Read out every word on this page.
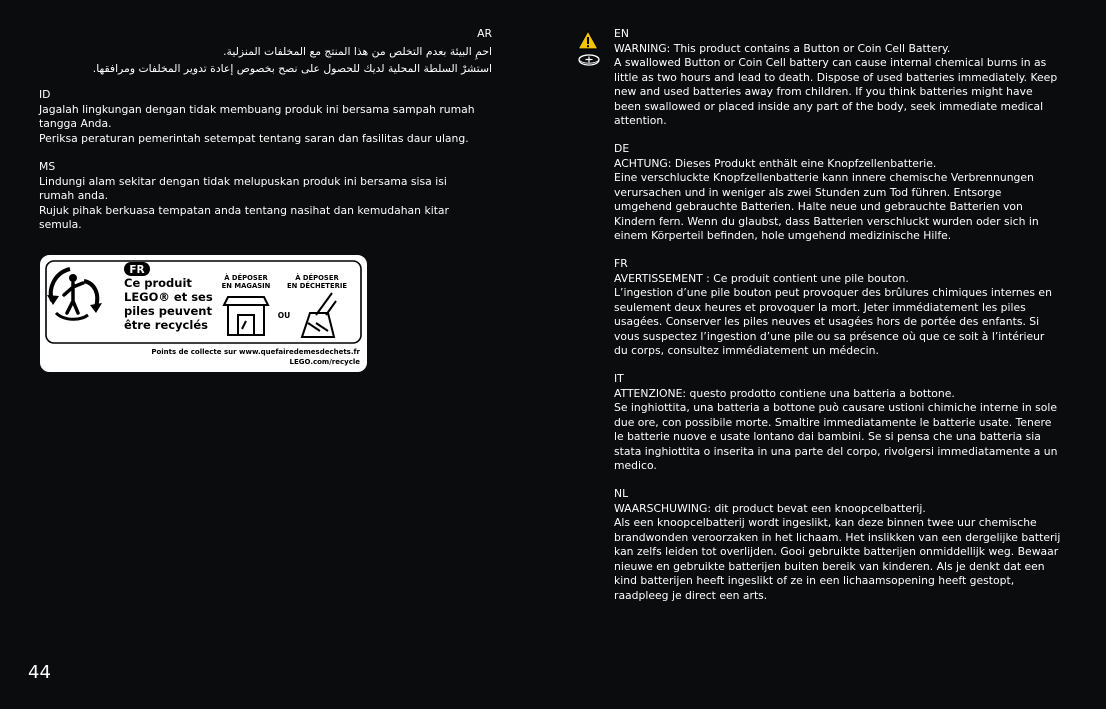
AR
احمِ البيئة بعدم التخلص من هذا المنتج مع المخلفات المنزلية.
استشرْ السلطة المحلية لديك للحصول على نصح بخصوص إعادة تدوير المخلفات ومرافقها.
ID
Jagalah lingkungan dengan tidak membuang produk ini bersama sampah rumah
tangga Anda.
Periksa peraturan pemerintah setempat tentang saran dan fasilitas daur ulang.
MS
Lindungi alam sekitar dengan tidak melupuskan produk ini bersama sisa isi
rumah anda.
Rujuk pihak berkuasa tempatan anda tentang nasihat dan kemudahan kitar
semula.
FR
Ce produit
LEGO® et ses
piles peuvent
être recyclés
À DÉPOSER
EN MAGASIN
À DÉPOSER
EN DÉCHETERIE
OU
Points de collecte sur www.quefairedemesdechets.fr
LEGO.com/recycle
44
EN
WARNING: This product contains a Button or Coin Cell Battery.
A swallowed Button or Coin Cell battery can cause internal chemical burns in as
little as two hours and lead to death. Dispose of used batteries immediately. Keep
new and used batteries away from children. If you think batteries might have
been swallowed or placed inside any part of the body, seek immediate medical
attention.
DE
ACHTUNG: Dieses Produkt enthält eine Knopfzellenbatterie.
Eine verschluckte Knopfzellenbatterie kann innere chemische Verbrennungen
verursachen und in weniger als zwei Stunden zum Tod führen. Entsorge
umgehend gebrauchte Batterien. Halte neue und gebrauchte Batterien von
Kindern fern. Wenn du glaubst, dass Batterien verschluckt wurden oder sich in
einem Körperteil befinden, hole umgehend medizinische Hilfe.
FR
AVERTISSEMENT : Ce produit contient une pile bouton.
L’ingestion d’une pile bouton peut provoquer des brûlures chimiques internes en
seulement deux heures et provoquer la mort. Jeter immédiatement les piles
usagées. Conserver les piles neuves et usagées hors de portée des enfants. Si
vous suspectez l’ingestion d’une pile ou sa présence où que ce soit à l’intérieur
du corps, consultez immédiatement un médecin.
IT
ATTENZIONE: questo prodotto contiene una batteria a bottone.
Se inghiottita, una batteria a bottone può causare ustioni chimiche interne in sole
due ore, con possibile morte. Smaltire immediatamente le batterie usate. Tenere
le batterie nuove e usate lontano dai bambini. Se si pensa che una batteria sia
stata inghiottita o inserita in una parte del corpo, rivolgersi immediatamente a un
medico.
NL
WAARSCHUWING: dit product bevat een knoopcelbatterij.
Als een knoopcelbatterij wordt ingeslikt, kan deze binnen twee uur chemische
brandwonden veroorzaken in het lichaam. Het inslikken van een dergelijke batterij
kan zelfs leiden tot overlijden. Gooi gebruikte batterijen onmiddellijk weg. Bewaar
nieuwe en gebruikte batterijen buiten bereik van kinderen. Als je denkt dat een
kind batterijen heeft ingeslikt of ze in een lichaamsopening heeft gestopt,
raadpleeg je direct een arts.
